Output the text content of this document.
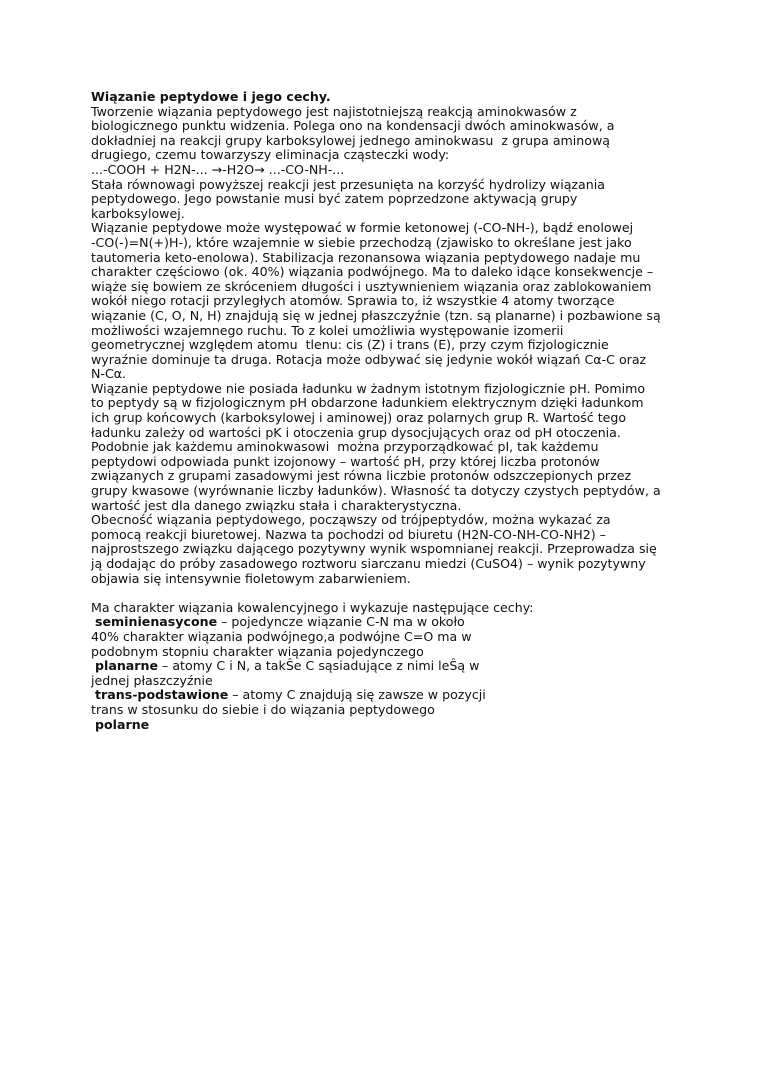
Wiązanie peptydowe i jego cechy.
Tworzenie wiązania peptydowego jest najistotniejszą reakcją aminokwasów z
biologicznego punktu widzenia. Polega ono na kondensacji dwóch aminokwasów, a
dokładniej na reakcji grupy karboksylowej jednego aminokwasu  z grupa aminową
drugiego, czemu towarzyszy eliminacja cząsteczki wody:
...-COOH + H2N-... →-H2O→ ...-CO-NH-...
Stała równowagi powyższej reakcji jest przesunięta na korzyść hydrolizy wiązania
peptydowego. Jego powstanie musi być zatem poprzedzone aktywacją grupy
karboksylowej.
Wiązanie peptydowe może występować w formie ketonowej (-CO-NH-), bądź enolowej
-CO(-)=N(+)H-), które wzajemnie w siebie przechodzą (zjawisko to określane jest jako
tautomeria keto-enolowa). Stabilizacja rezonansowa wiązania peptydowego nadaje mu
charakter częściowo (ok. 40%) wiązania podwójnego. Ma to daleko idące konsekwencje –
wiąże się bowiem ze skróceniem długości i usztywnieniem wiązania oraz zablokowaniem
wokół niego rotacji przyległych atomów. Sprawia to, iż wszystkie 4 atomy tworzące
wiązanie (C, O, N, H) znajdują się w jednej płaszczyźnie (tzn. są planarne) i pozbawione są
możliwości wzajemnego ruchu. To z kolei umożliwia występowanie izomerii
geometrycznej względem atomu  tlenu: cis (Z) i trans (E), przy czym fizjologicznie
wyraźnie dominuje ta druga. Rotacja może odbywać się jedynie wokół wiązań Cα-C oraz
N-Cα.
Wiązanie peptydowe nie posiada ładunku w żadnym istotnym fizjologicznie pH. Pomimo
to peptydy są w fizjologicznym pH obdarzone ładunkiem elektrycznym dzięki ładunkom
ich grup końcowych (karboksylowej i aminowej) oraz polarnych grup R. Wartość tego
ładunku zależy od wartości pK i otoczenia grup dysocjujących oraz od pH otoczenia.
Podobnie jak każdemu aminokwasowi  można przyporządkować pI, tak każdemu
peptydowi odpowiada punkt izojonowy – wartość pH, przy której liczba protonów
związanych z grupami zasadowymi jest równa liczbie protonów odszczepionych przez
grupy kwasowe (wyrównanie liczby ładunków). Własność ta dotyczy czystych peptydów, a
wartość jest dla danego związku stała i charakterystyczna.
Obecność wiązania peptydowego, począwszy od trójpeptydów, można wykazać za
pomocą reakcji biuretowej. Nazwa ta pochodzi od biuretu (H2N-CO-NH-CO-NH2) –
najprostszego związku dającego pozytywny wynik wspomnianej reakcji. Przeprowadza się
ją dodając do próby zasadowego roztworu siarczanu miedzi (CuSO4) – wynik pozytywny
objawia się intensywnie fioletowym zabarwieniem.
Ma charakter wiązania kowalencyjnego i wykazuje następujące cechy:
seminienasycone – pojedyncze wiązanie C-N ma w około
40% charakter wiązania podwójnego,a podwójne C=O ma w
podobnym stopniu charakter wiązania pojedynczego
planarne – atomy C i N, a takŜe C sąsiadujące z nimi leŜą w
jednej płaszczyźnie
trans-podstawione – atomy C znajdują się zawsze w pozycji
trans w stosunku do siebie i do wiązania peptydowego
polarne
